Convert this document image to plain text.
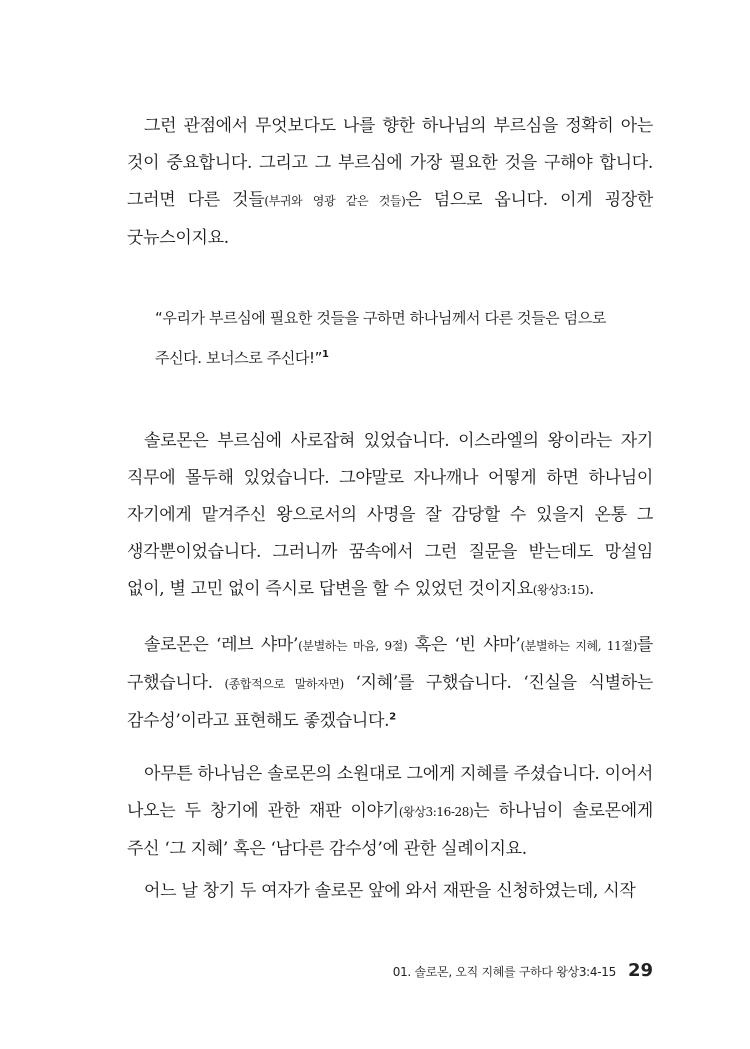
그런 관점에서 무엇보다도 나를 향한 하나님의 부르심을 정확히 아는 것이 중요합니다. 그리고 그 부르심에 가장 필요한 것을 구해야 합니다. 그러면 다른 것들(부귀와 영광 같은 것들)은 덤으로 옵니다. 이게 굉장한 굿뉴스이지요.

“우리가 부르심에 필요한 것들을 구하면 하나님께서 다른 것들은 덤으로 주신다. 보너스로 주신다!”$^1$

솔로몬은 부르심에 사로잡혀 있었습니다. 이스라엘의 왕이라는 자기 직무에 몰두해 있었습니다. 그야말로 자나깨나 어떻게 하면 하나님이 자기에게 맡겨주신 왕으로서의 사명을 잘 감당할 수 있을지 온통 그 생각뿐이었습니다. 그러니까 꿈속에서 그런 질문을 받는데도 망설임 없이, 별 고민 없이 즉시로 답변을 할 수 있었던 것이지요(왕상3:15).

솔로몬은 ‘레브 샤마’(분별하는 마음, 9절) 혹은 ‘빈 샤마’(분별하는 지혜, 11절)를 구했습니다. (종합적으로 말하자면) ‘지혜’를 구했습니다. ‘진실을 식별하는 감수성’이라고 표현해도 좋겠습니다.$^2$

아무튼 하나님은 솔로몬의 소원대로 그에게 지혜를 주셨습니다. 이어서 나오는 두 창기에 관한 재판 이야기(왕상3:16-28)는 하나님이 솔로몬에게 주신 ‘그 지혜’ 혹은 ‘남다른 감수성’에 관한 실례이지요.

어느 날 창기 두 여자가 솔로몬 앞에 와서 재판을 신청하였는데, 시작

01. 솔로몬, 오직 지혜를 구하다 왕상3:4-15 29
